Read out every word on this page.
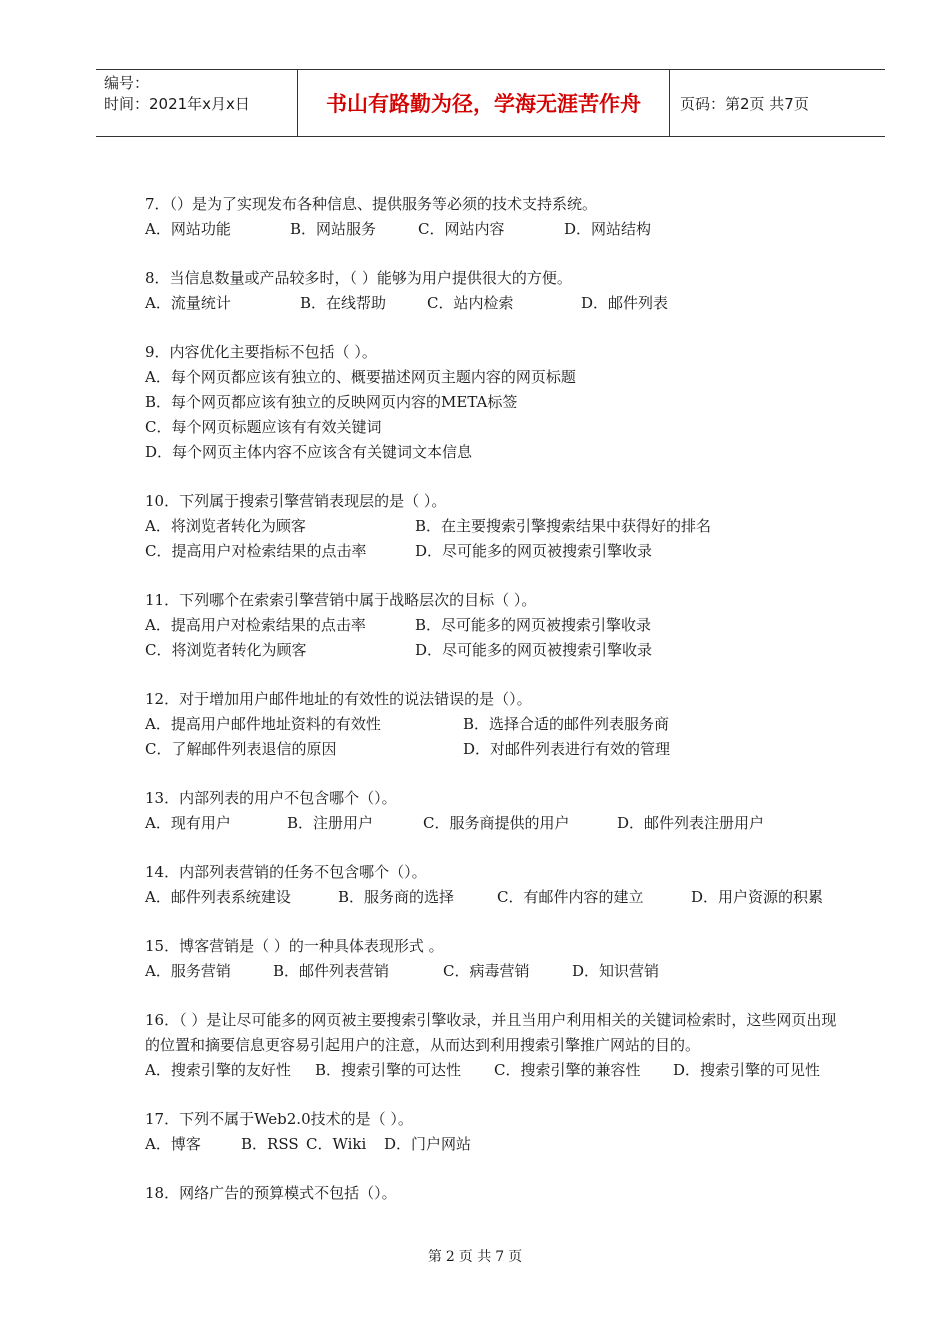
编号：
时间：2021年x月x日	书山有路勤为径，学海无涯苦作舟	页码：第2页 共7页
7．（）是为了实现发布各种信息、提供服务等必须的技术支持系统。
A．网站功能	B．网站服务	C．网站内容	D．网站结构
8．当信息数量或产品较多时，（ ）能够为用户提供很大的方便。
A．流量统计	B．在线帮助	C．站内检索	D．邮件列表
9．内容优化主要指标不包括（ ）。
A．每个网页都应该有独立的、概要描述网页主题内容的网页标题
B．每个网页都应该有独立的反映网页内容的META标签
C．每个网页标题应该有有效关键词
D．每个网页主体内容不应该含有关键词文本信息
10．下列属于搜索引擎营销表现层的是（ ）。
A．将浏览者转化为顾客	B．在主要搜索引擎搜索结果中获得好的排名
C．提高用户对检索结果的点击率	D．尽可能多的网页被搜索引擎收录
11．下列哪个在索索引擎营销中属于战略层次的目标（ ）。
A．提高用户对检索结果的点击率	B．尽可能多的网页被搜索引擎收录
C．将浏览者转化为顾客	D．尽可能多的网页被搜索引擎收录
12．对于增加用户邮件地址的有效性的说法错误的是（）。
A．提高用户邮件地址资料的有效性	B．选择合适的邮件列表服务商
C．了解邮件列表退信的原因	D．对邮件列表进行有效的管理
13．内部列表的用户不包含哪个（）。
A．现有用户	B．注册用户	C．服务商提供的用户	D．邮件列表注册用户
14．内部列表营销的任务不包含哪个（）。
A．邮件列表系统建设	B．服务商的选择	C．有邮件内容的建立	D．用户资源的积累
15．博客营销是（ ）的一种具体表现形式 。
A．服务营销	B．邮件列表营销	C．病毒营销	D．知识营销
16．（ ）是让尽可能多的网页被主要搜索引擎收录，并且当用户利用相关的关键词检索时，这些网页出现的位置和摘要信息更容易引起用户的注意，从而达到利用搜索引擎推广网站的目的。
A．搜索引擎的友好性 B．搜索引擎的可达性 C．搜索引擎的兼容性 D．搜索引擎的可见性
17．下列不属于Web2.0技术的是（ ）。
A．博客	B．RSS C．Wiki D．门户网站
18．网络广告的预算模式不包括（）。
第 2 页 共 7 页
